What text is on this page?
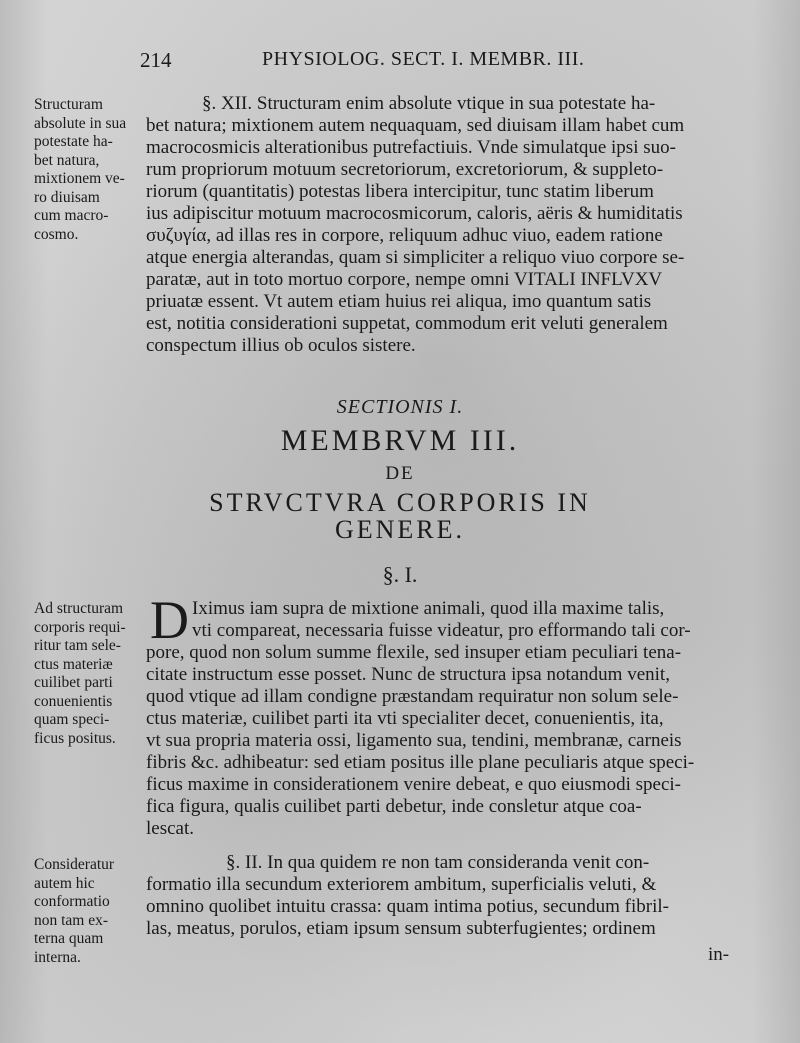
214	PHYSIOLOG. SECT. I. MEMBR. III.

Structuram
absolute in sua
potestate ha-
bet natura,
mixtionem ve-
ro diuisam
cum macro-
cosmo.

§. XII. Structuram enim absolute vtique in sua potestate ha-
bet natura; mixtionem autem nequaquam, sed diuisam illam habet cum
macrocosmicis alterationibus putrefactiuis. Vnde simulatque ipsi suo-
rum propriorum motuum secretoriorum, excretoriorum, & suppleto-
riorum (quantitatis) potestas libera intercipitur, tunc statim liberum
ius adipiscitur motuum macrocosmicorum, caloris, aëris & humiditatis
συζυγία, ad illas res in corpore, reliquum adhuc viuo, eadem ratione
atque energia alterandas, quam si simpliciter a reliquo viuo corpore se-
paratæ, aut in toto mortuo corpore, nempe omni VITALI INFLVXV
priuatæ essent. Vt autem etiam huius rei aliqua, imo quantum satis
est, notitia considerationi suppetat, commodum erit veluti generalem
conspectum illius ob oculos sistere.

SECTIONIS I.

MEMBRVM III.

DE

STRVCTVRA CORPORIS IN

GENERE.

§. I.

Ad structuram
corporis requi-
ritur tam sele-
ctus materiæ
cuilibet parti
conuenientis
quam speci-
ficus positus.

D Iximus iam supra de mixtione animali, quod illa maxime talis,
vti compareat, necessaria fuisse videatur, pro efformando tali cor-
pore, quod non solum summe flexile, sed insuper etiam peculiari tena-
citate instructum esse posset. Nunc de structura ipsa notandum venit,
quod vtique ad illam condigne præstandam requiratur non solum sele-
ctus materiæ, cuilibet parti ita vti specialiter decet, conuenientis, ita,
vt sua propria materia ossi, ligamento sua, tendini, membranæ, carneis
fibris &c. adhibeatur: sed etiam positus ille plane peculiaris atque speci-
ficus maxime in considerationem venire debeat, e quo eiusmodi speci-
fica figura, qualis cuilibet parti debetur, inde consletur atque coa-
lescat.

Consideratur
autem hic
conformatio
non tam ex-
terna quam
interna.

§. II. In qua quidem re non tam consideranda venit con-
formatio illa secundum exteriorem ambitum, superficialis veluti, &
omnino quolibet intuitu crassa: quam intima potius, secundum fibril-
las, meatus, porulos, etiam ipsum sensum subterfugientes; ordinem

in-
